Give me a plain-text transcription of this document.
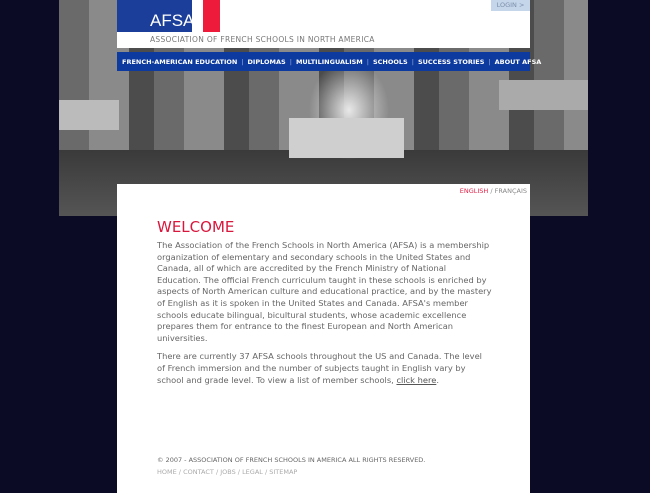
AFSA
ASSOCIATION OF FRENCH SCHOOLS IN NORTH AMERICA
LOGIN >
FRENCH-AMERICAN EDUCATION | DIPLOMAS | MULTILINGUALISM | SCHOOLS | SUCCESS STORIES | ABOUT AFSA
ENGLISH / FRANÇAIS
WELCOME

The Association of the French Schools in North America (AFSA) is a membership organization of elementary and secondary schools in the United States and Canada, all of which are accredited by the French Ministry of National Education. The official French curriculum taught in these schools is enriched by aspects of North American culture and educational practice, and by the mastery of English as it is spoken in the United States and Canada. AFSA's member schools educate bilingual, bicultural students, whose academic excellence prepares them for entrance to the finest European and North American universities.

There are currently 37 AFSA schools throughout the US and Canada. The level of French immersion and the number of subjects taught in English vary by school and grade level. To view a list of member schools, click here.

© 2007 - ASSOCIATION OF FRENCH SCHOOLS IN AMERICA ALL RIGHTS RESERVED.
HOME / CONTACT / JOBS / LEGAL / SITEMAP
